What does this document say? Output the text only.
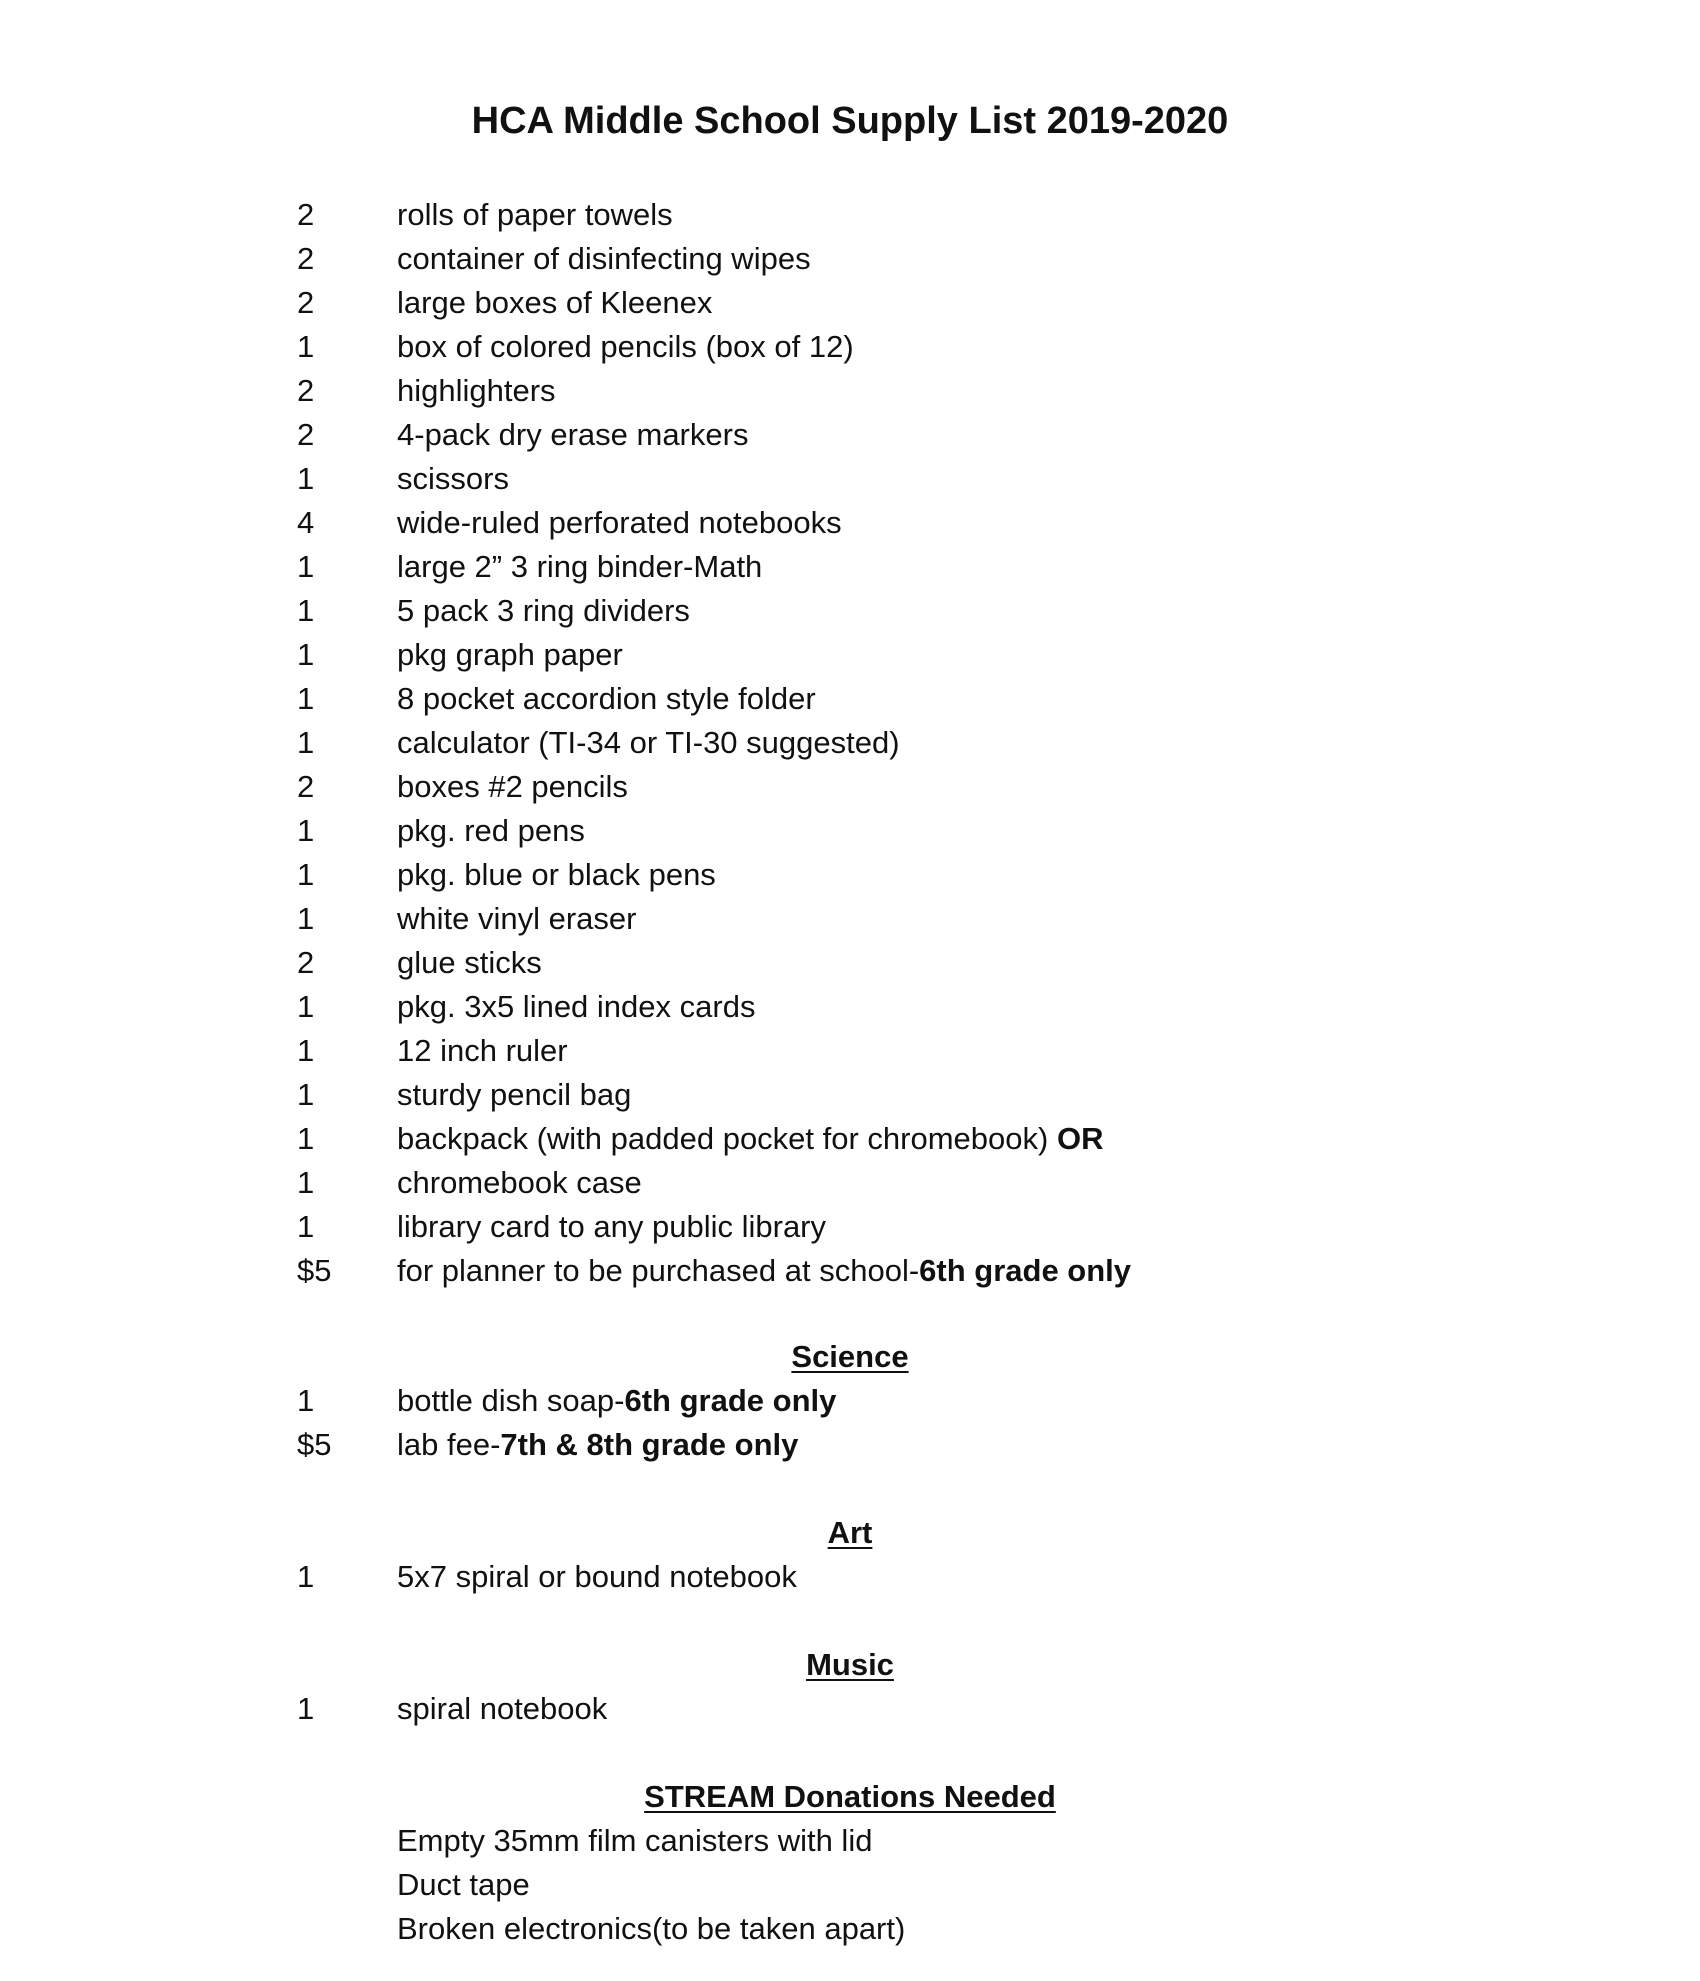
HCA Middle School Supply List 2019-2020
2	rolls of paper towels
2	container of disinfecting wipes
2	large boxes of Kleenex
1	box of colored pencils (box of 12)
2	highlighters
2	4-pack dry erase markers
1	scissors
4	wide-ruled perforated notebooks
1	large 2” 3 ring binder-Math
1	5 pack 3 ring dividers
1	pkg graph paper
1	8 pocket accordion style folder
1	calculator (TI-34 or TI-30 suggested)
2	boxes #2 pencils
1	pkg. red pens
1	pkg. blue or black pens
1	white vinyl eraser
2	glue sticks
1	pkg. 3x5 lined index cards
1	12 inch ruler
1	sturdy pencil bag
1	backpack (with padded pocket for chromebook) OR
1	chromebook case
1	library card to any public library
$5 for planner to be purchased at school-6th grade only
Science
1	bottle dish soap-6th grade only
$5 lab fee-7th & 8th grade only
Art
1	5x7 spiral or bound notebook
Music
1	spiral notebook
STREAM Donations Needed
Empty 35mm film canisters with lid
Duct tape
Broken electronics(to be taken apart)
